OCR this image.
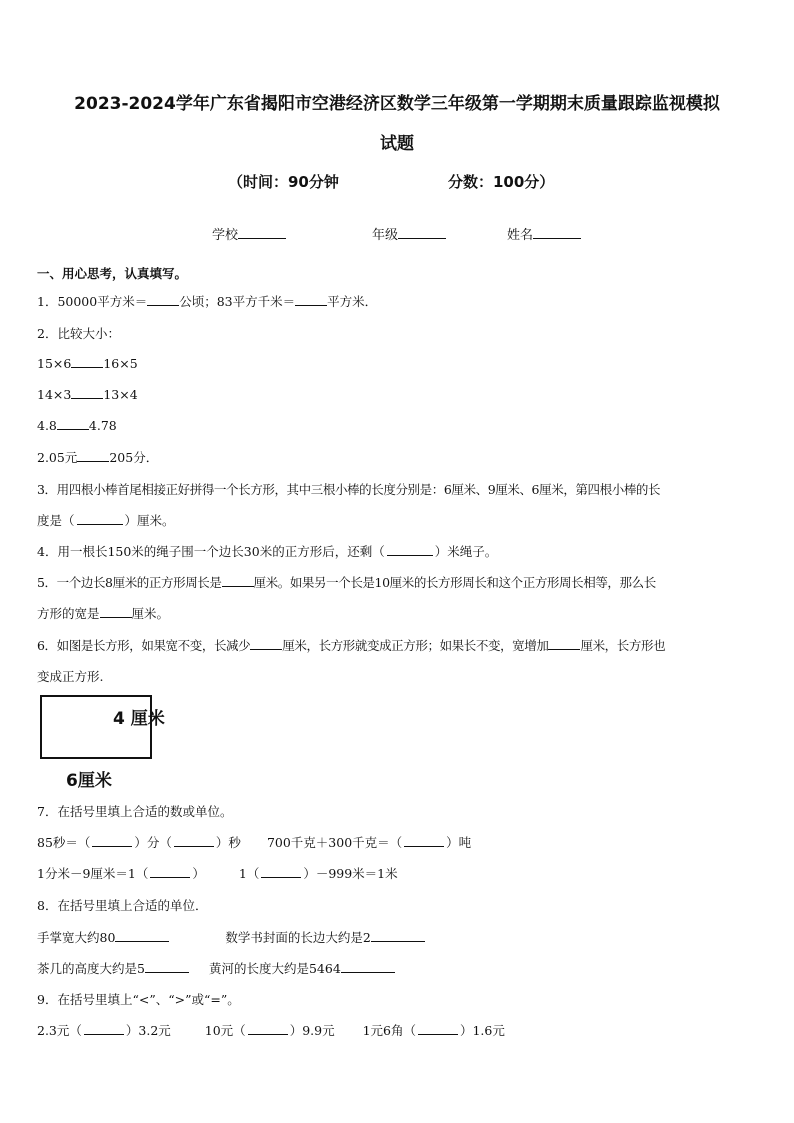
2023-2024学年广东省揭阳市空港经济区数学三年级第一学期期末质量跟踪监视模拟
试题
（时间：90分钟	分数：100分）
学校	年级	姓名
一、用心思考，认真填写。
1．50000平方米＝	公顷；83平方千米＝	平方米．
2．比较大小：
15×6	16×5
14×3	13×4
4.8	4.78
2.05元	205分．
3．用四根小棒首尾相接正好拼得一个长方形，其中三根小棒的长度分别是：6厘米、9厘米、6厘米，第四根小棒的长
度是（	）厘米。
4．用一根长150米的绳子围一个边长30米的正方形后，还剩（	）米绳子。
5．一个边长8厘米的正方形周长是	厘米。如果另一个长是10厘米的长方形周长和这个正方形周长相等，那么长
方形的宽是	厘米。
6．如图是长方形，如果宽不变，长减少	厘米，长方形就变成正方形；如果长不变，宽增加	厘米，长方形也
变成正方形.
4 厘米
6厘米
7．在括号里填上合适的数或单位。
85秒＝（	）分（	）秒 700千克＋300千克＝（	）吨
1分米－9厘米＝1（	）	1（	）－999米＝1米
8．在括号里填上合适的单位．
手掌宽大约80	数学书封面的长边大约是2
茶几的高度大约是5	黄河的长度大约是5464
9．在括号里填上“<”、“>”或“=”。
2.3元（	）3.2元	10元（	）9.9元 1元6角（	）1.6元
